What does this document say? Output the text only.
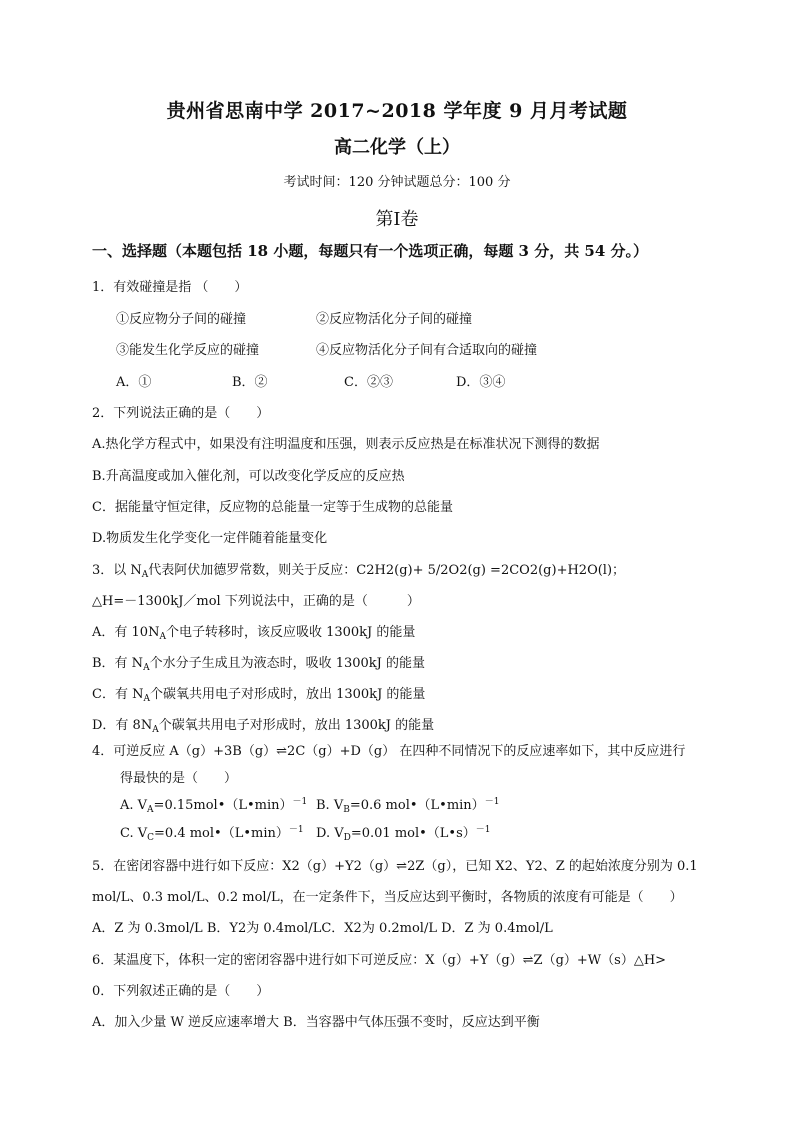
贵州省思南中学 2017~2018 学年度 9 月月考试题
高二化学（上）
考试时间：120 分钟试题总分：100 分
第Ⅰ卷
一、选择题（本题包括 18 小题，每题只有一个选项正确，每题 3 分，共 54 分。）
1．有效碰撞是指 （　　）
①反应物分子间的碰撞	②反应物活化分子间的碰撞
③能发生化学反应的碰撞	④反应物活化分子间有合适取向的碰撞
A．①	B．②	C．②③	D．③④
2．下列说法正确的是（　　）
A.热化学方程式中，如果没有注明温度和压强，则表示反应热是在标准状况下测得的数据
B.升高温度或加入催化剂，可以改变化学反应的反应热
C．据能量守恒定律，反应物的总能量一定等于生成物的总能量
D.物质发生化学变化一定伴随着能量变化
3．以 $N_A$代表阿伏加德罗常数，则关于反应：C2H2(g)+ 5/2O2(g) =2CO2(g)+H2O(l)；
△H=－1300kJ／mol 下列说法中，正确的是（　　　）
A．有 $10N_A$个电子转移时，该反应吸收 1300kJ 的能量
B．有 $N_A$个水分子生成且为液态时，吸收 1300kJ 的能量
C．有 $N_A$个碳氧共用电子对形成时，放出 1300kJ 的能量
D．有 $8N_A$个碳氧共用电子对形成时，放出 1300kJ 的能量
4．可逆反应 A（g）+3B（g）⇌2C（g）+D（g） 在四种不同情况下的反应速率如下，其中反应进行
得最快的是（　　）
A. $V_A=0.15mol•(L•\min)^{-1}$ B. $V_B=0.6$ mol•（L•min）$^{-1}$
C. $V_C=0.4$ mol•（L•min）$^{-1}$ D. $V_D=0.01$ mol•（L•s）$^{-1}$
5．在密闭容器中进行如下反应：X2（g）+Y2（g）⇌2Z（g），已知 X2、Y2、Z 的起始浓度分别为 0.1
mol/L、0.3 mol/L、0.2 mol/L，在一定条件下，当反应达到平衡时，各物质的浓度有可能是（　　）
A．Z 为 0.3mol/L B．Y2为 0.4mol/LC．X2为 0.2mol/L D．Z 为 0.4mol/L
6．某温度下，体积一定的密闭容器中进行如下可逆反应：X（g）+Y（g）⇌Z（g）+W（s）△H>
0．下列叙述正确的是（　　）
A．加入少量 W 逆反应速率增大 B．当容器中气体压强不变时，反应达到平衡
